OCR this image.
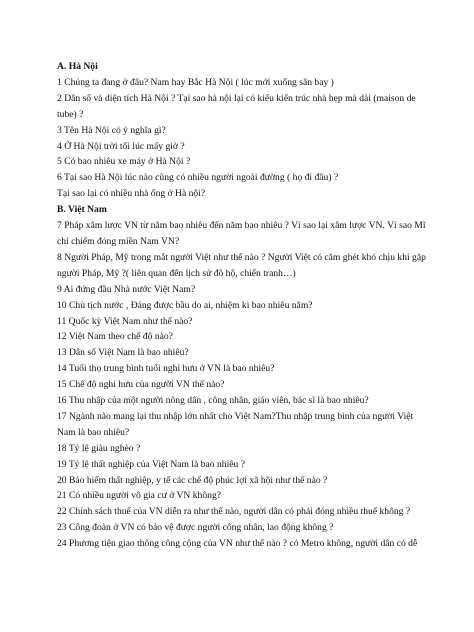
A. Hà Nội
1 Chúng ta đang ở đâu? Nam hay Bắc Hà Nội ( lúc mới xuống sân bay )
2 Dân số và diện tích Hà Nội ? Tại sao hà nội lại có kiểu kiến trúc nhà hẹp mà dài (maison de
tube) ?
3 Tên Hà Nội có ý nghĩa gì?
4 Ở Hà Nội trời tối lúc mấy giờ ?
5 Có bao nhiêu xe máy ở Hà Nội ?
6 Tại sao Hà Nội lúc nào cũng có nhiều người ngoài đường ( họ đi đâu) ?
Tại sao lại có nhiều nhà ống ở Hà nội?
B. Việt Nam
7 Pháp xâm lược VN từ năm bao nhiêu đến năm bao nhiêu ? Vì sao lại xâm lược VN. Vì sao Mĩ
chỉ chiếm đóng miền Nam VN?
8 Người Pháp, Mỹ trong mắt người Việt như thế nào ? Người Việt có căm ghét khó chịu khi gặp
người Pháp, Mỹ ?( liên quan đến lịch sử đô hộ, chiến tranh…)
9 Ai đứng đầu Nhà nước Việt Nam?
10 Chủ tịch nước , Đảng được bầu do ai, nhiệm kì bao nhiêu năm?
11 Quốc kỳ Việt Nam như thế nào?
12 Việt Nam theo chế độ nào?
13 Dân số Việt Nam là bao nhiêu?
14 Tuổi thọ trung bình tuổi nghỉ hưu ở VN là bao nhiêu?
15 Chế độ nghỉ hưu của người VN thế nào?
16 Thu nhập của một người nông dân , công nhân, giáo viên, bác sĩ là bao nhiêu?
17 Ngành nào mang lại thu nhập lớn nhất cho Việt Nam?Thu nhập trung bình của người Việt
Nam là bao nhiêu?
18 Tỷ lệ giàu nghèo ?
19 Tỷ lệ thất nghiệp của Việt Nam là bao nhiêu ?
20 Bảo hiểm thất nghiệp, y tế các chế độ phúc lợi xã hội như thế nào ?
21 Có nhiều người vô gia cư ở VN không?
22 Chính sách thuế của VN diễn ra như thế nào, người dân có phải đóng nhiều thuế không ?
23 Công đoàn ở VN có bảo vệ được người công nhân, lao động không ?
24 Phương tiện giao thông công cộng của VN như thế nào ? có Metro không, người dân có dễ
